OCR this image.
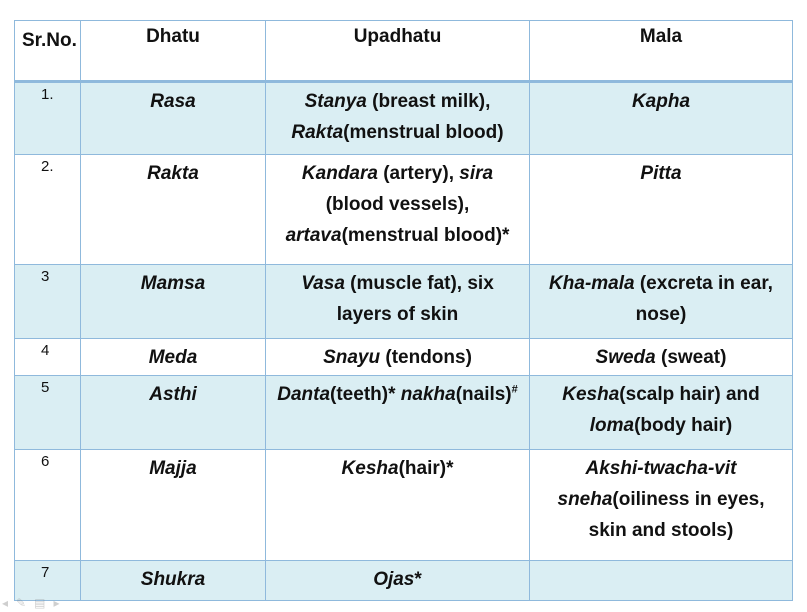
Sr.No.	Dhatu	Upadhatu	Mala
1.	Rasa	Stanya (breast milk), Rakta(menstrual blood)	Kapha
2.	Rakta	Kandara (artery), sira (blood vessels), artava(menstrual blood)*	Pitta
3	Mamsa	Vasa (muscle fat), six layers of skin	Kha-mala (excreta in ear, nose)
4	Meda	Snayu (tendons)	Sweda (sweat)
5	Asthi	Danta(teeth)* nakha(nails)#	Kesha(scalp hair) and loma(body hair)
6	Majja	Kesha(hair)*	Akshi-twacha-vit sneha(oiliness in eyes, skin and stools)
7	Shukra	Ojas*	
◂ ✎ ▤ ▸
